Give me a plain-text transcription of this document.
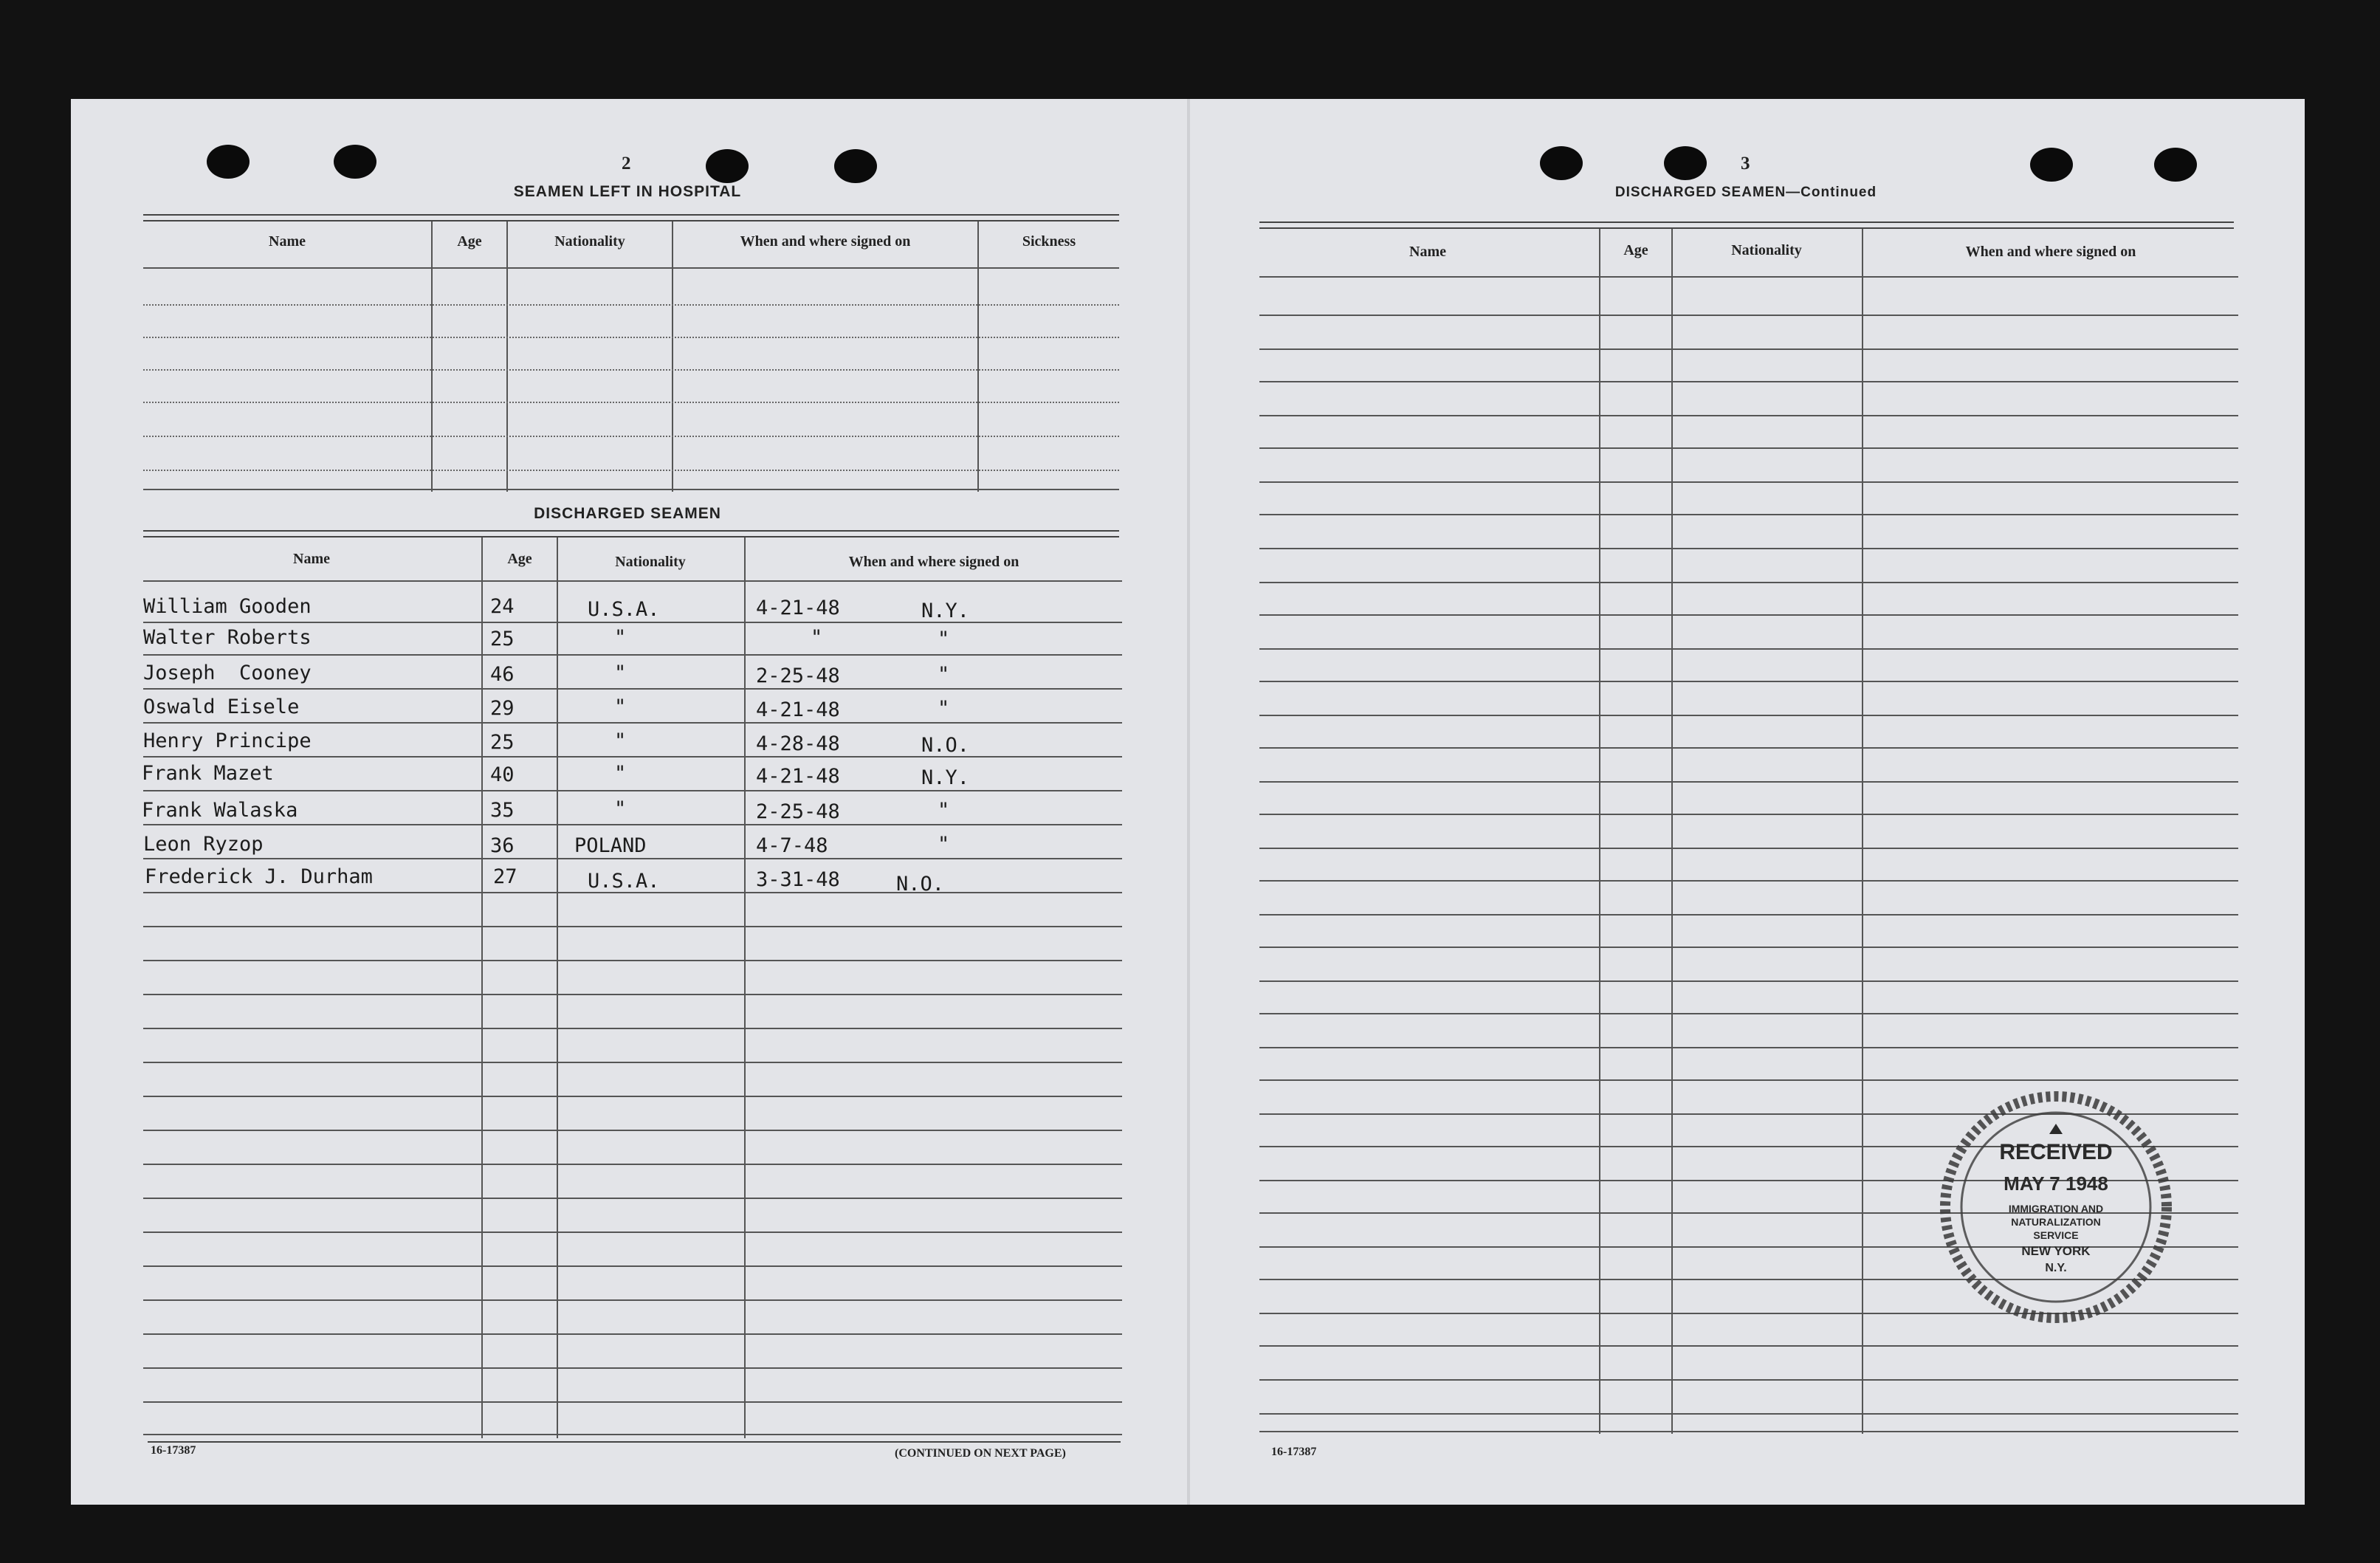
2
SEAMEN LEFT IN HOSPITAL
Name	Age	Nationality	When and where signed on	Sickness
DISCHARGED SEAMEN
Name	Age	Nationality	When and where signed on
William Gooden	24	U.S.A.	4-21-48	N.Y.
Walter Roberts	25	"	"	"
Joseph  Cooney	46	"	2-25-48	"
Oswald Eisele	29	"	4-21-48	"
Henry Principe	25	"	4-28-48	N.O.
Frank Mazet	40	"	4-21-48	N.Y.
Frank Walaska	35	"	2-25-48	"
Leon Ryzop	36	POLAND	4-7-48	"
Frederick J. Durham	27	U.S.A.	3-31-48	N.O.
16-17387	(CONTINUED ON NEXT PAGE)
3
DISCHARGED SEAMEN—Continued
Name	Age	Nationality	When and where signed on
16-17387
RECEIVED
MAY 7 1948
IMMIGRATION AND
NATURALIZATION
SERVICE
NEW YORK
N.Y.
